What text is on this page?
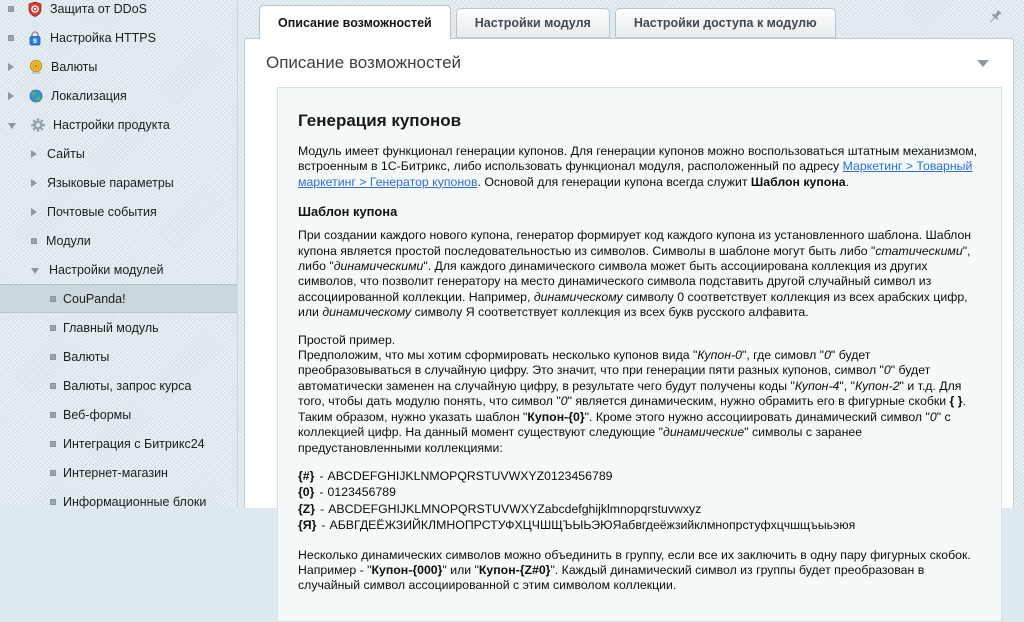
Защита от DDoS
s Настройка HTTPS
Валюты
Локализация
Настройки продукта
Сайты
Языковые параметры
Почтовые события
Модули
Настройки модулей
CouPanda!
Главный модуль
Валюты
Валюты, запрос курса
Веб-формы
Интеграция с Битрикс24
Интернет-магазин
Информационные блоки
Описание возможностей	Настройки модуля	Настройки доступа к модулю
Описание возможностей
Генерация купонов

Модуль имеет функционал генерации купонов. Для генерации купонов можно воспользоваться штатным механизмом, встроенным в 1С-Битрикс, либо использовать функционал модуля, расположенный по адресу Маркетинг > Товарный маркетинг > Генератор купонов. Основой для генерации купона всегда служит Шаблон купона.

Шаблон купона

При создании каждого нового купона, генератор формирует код каждого купона из установленного шаблона. Шаблон купона является простой последовательностью из символов. Символы в шаблоне могут быть либо "статическими", либо "динамическими". Для каждого динамического символа может быть ассоциирована коллекция из других символов, что позволит генератору на место динамического символа подставить другой случайный символ из ассоциированной коллекции. Например, динамическому символу 0 соответствует коллекция из всех арабских цифр, или динамическому символу Я соответствует коллекция из всех букв русского алфавита.

Простой пример.

Предположим, что мы хотим сформировать несколько купонов вида "Купон-0", где симовл "0" будет преобразовываться в случайную цифру. Это значит, что при генерации пяти разных купонов, символ "0" будет автоматически заменен на случайную цифру, в результате чего будут получены коды "Купон-4", "Купон-2" и т.д. Для того, чтобы дать модулю понять, что символ "0" является динамическим, нужно обрамить его в фигурные скобки { }. Таким образом, нужно указать шаблон "Купон-{0}". Кроме этого нужно ассоциировать динамический символ "0" с коллекцией цифр. На данный момент существуют следующие "динамические" символы с заранее предустановленными коллекциями:

{#} - ABCDEFGHIJKLNMOPQRSTUVWXYZ0123456789
{0} - 0123456789
{Z} - ABCDEFGHIJKLMNOPQRSTUVWXYZabcdefghijklmnopqrstuvwxyz
{Я} - АБВГДЕЁЖЗИЙКЛМНОПРСТУФХЦЧШЩЪЫЬЭЮЯабвгдеёжзийклмнопрстуфхцчшщъыьэюя

Несколько динамических символов можно объединить в группу, если все их заключить в одну пару фигурных скобок. Например - "Купон-{000}" или "Купон-{Z#0}". Каждый динамический символ из группы будет преобразован в случайный символ ассоциированной с этим символом коллекции.
